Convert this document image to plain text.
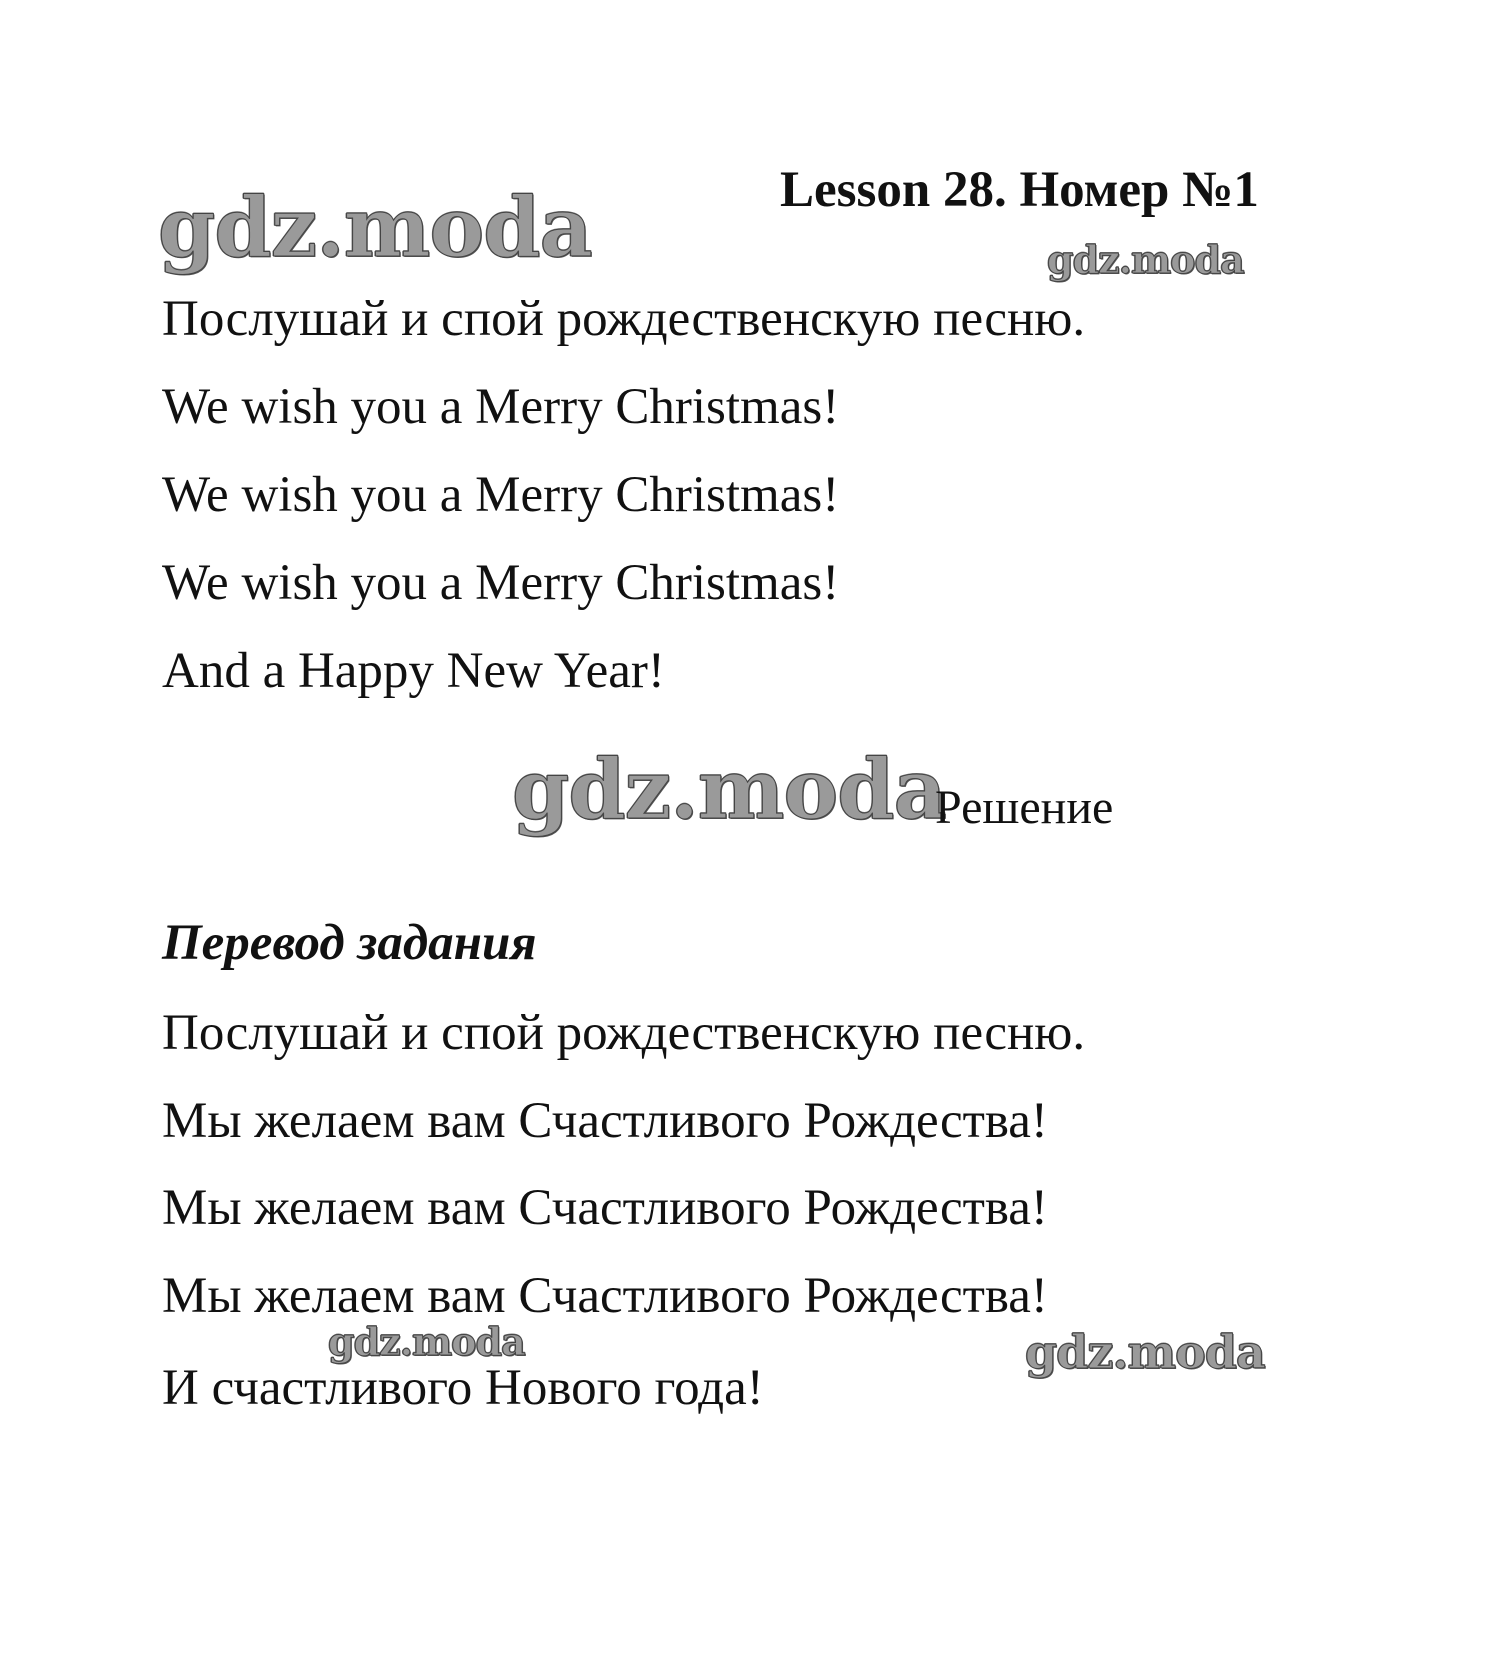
gdz.moda	gdz.moda
gdz.moda
gdz.moda	gdz.moda
Lesson 28. Номер №1

Послушай и спой рождественскую песню.

We wish you a Merry Christmas!

We wish you a Merry Christmas!

We wish you a Merry Christmas!

And a Happy New Year!

Решение
Перевод задания

Послушай и спой рождественскую песню.

Мы желаем вам Счастливого Рождества!

Мы желаем вам Счастливого Рождества!

Мы желаем вам Счастливого Рождества!

И счастливого Нового года!
